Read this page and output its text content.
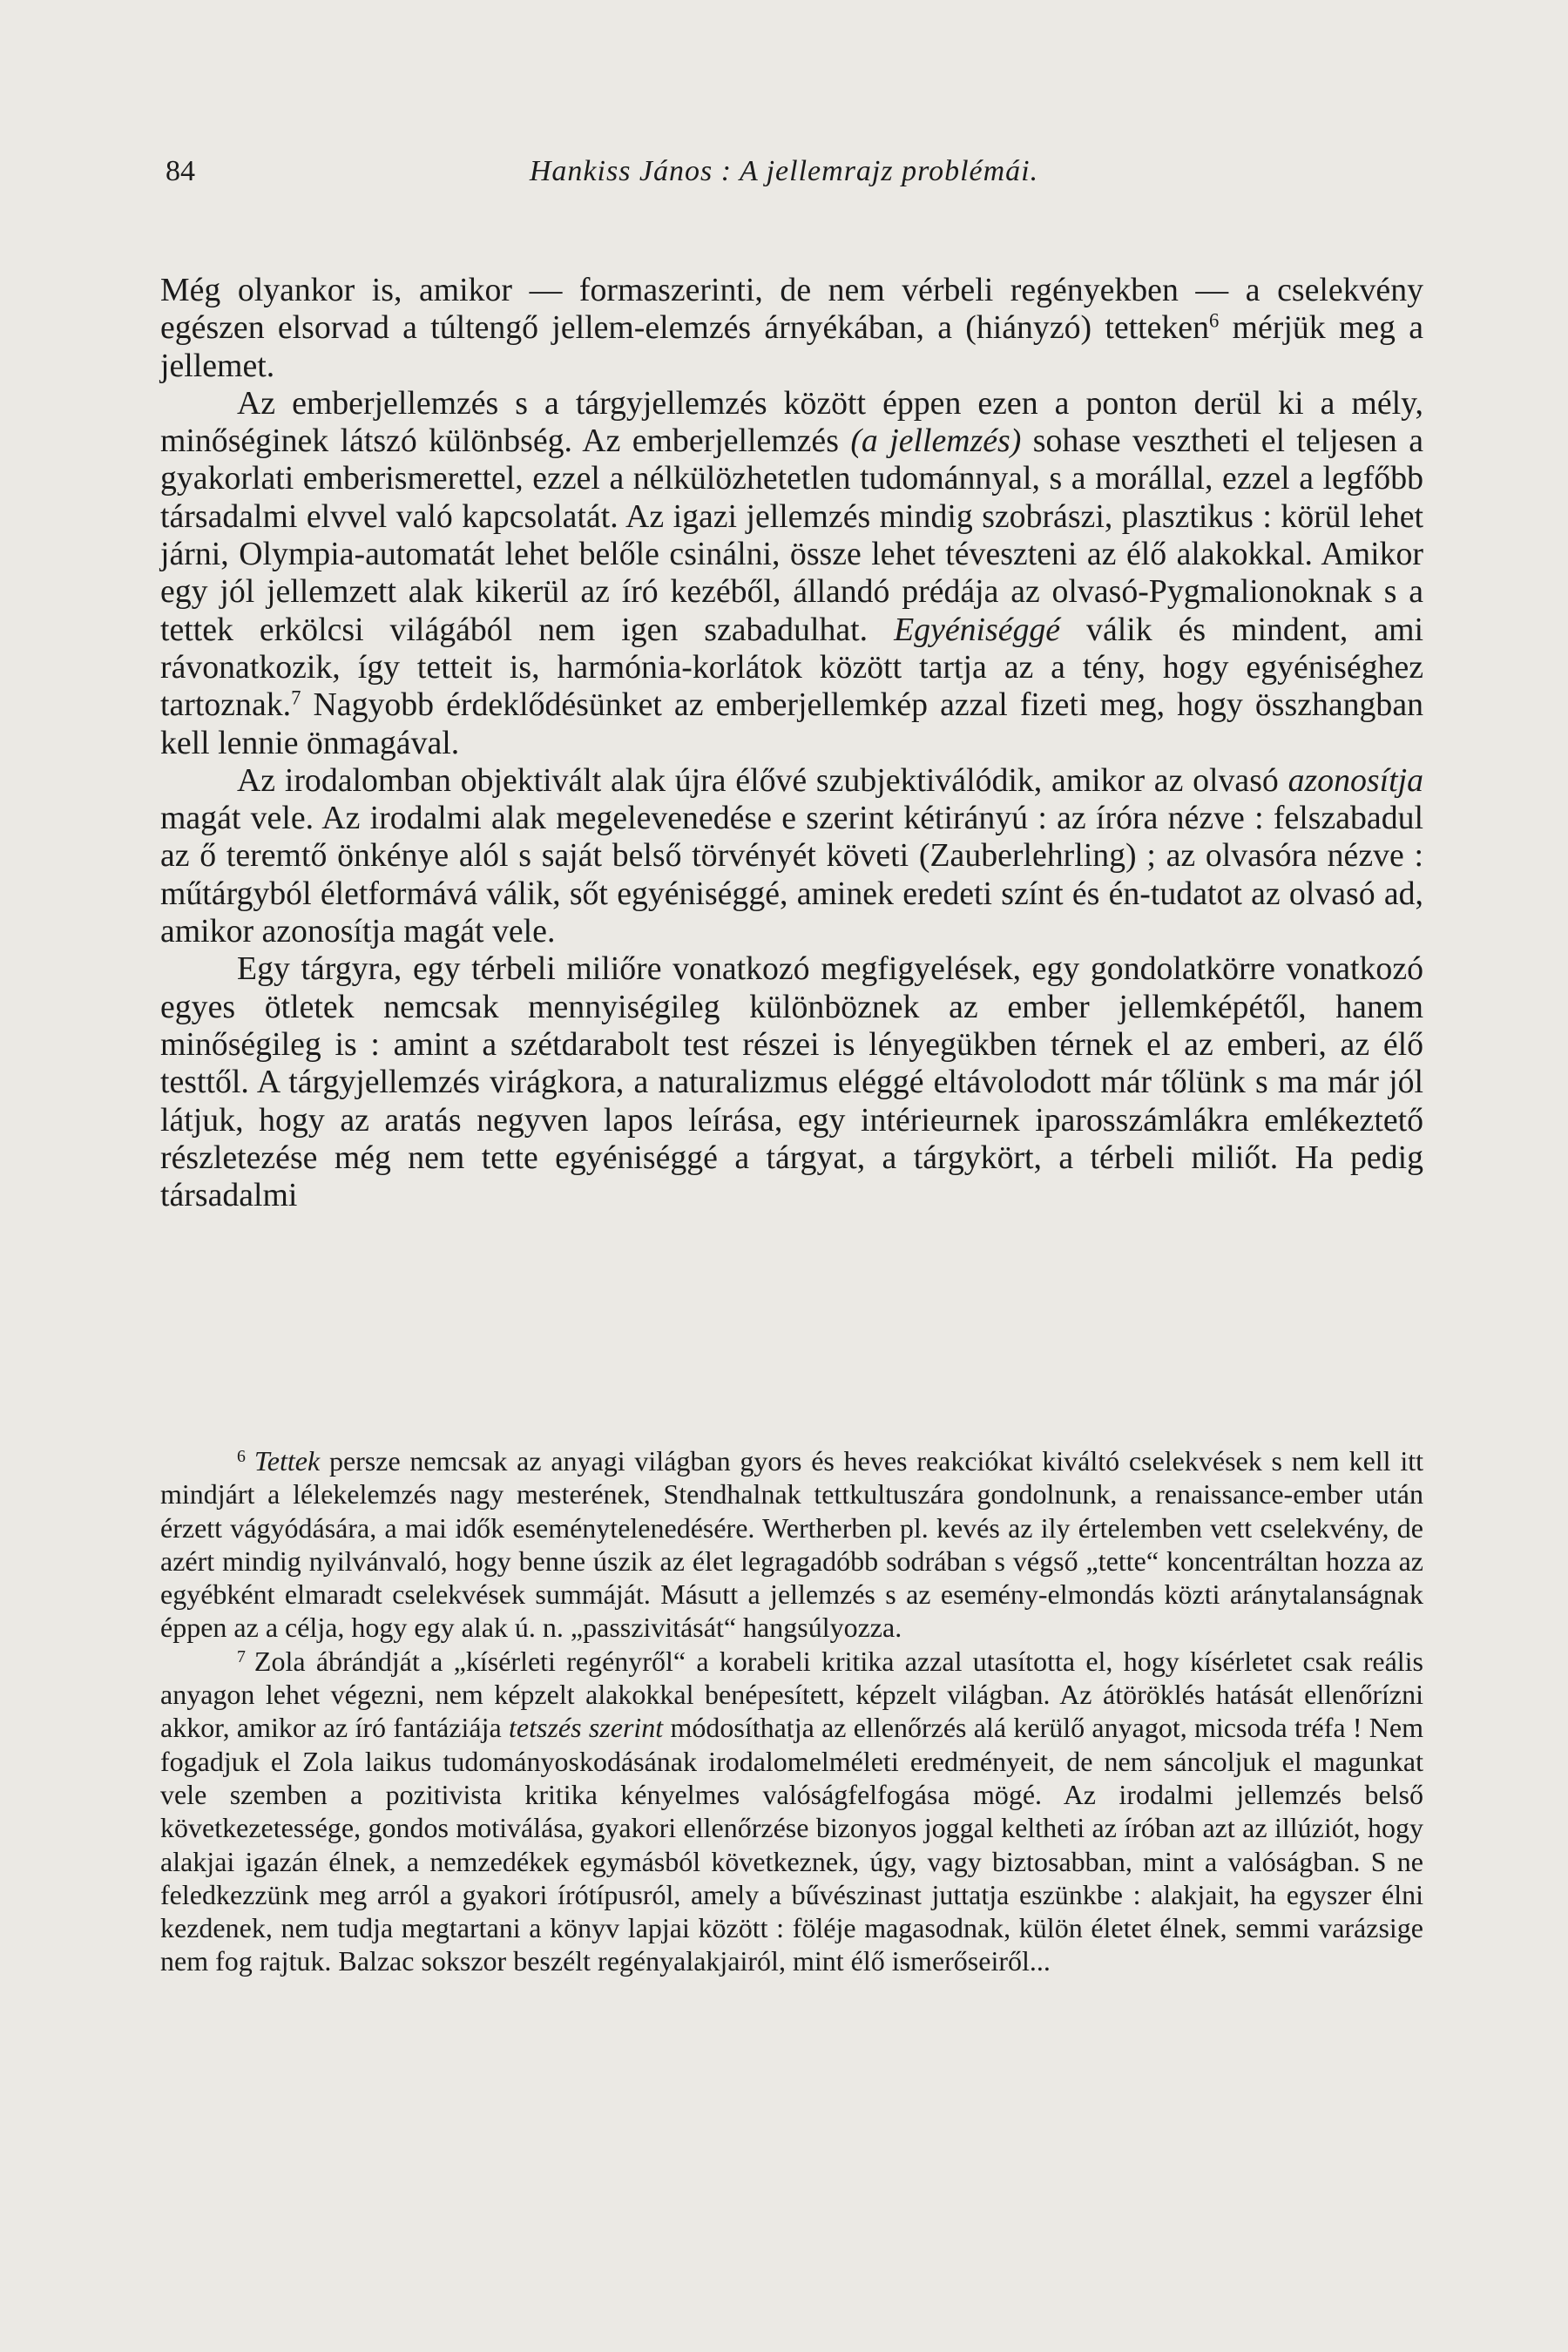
84	Hankiss János : A jellemrajz problémái.

Még olyankor is, amikor — formaszerinti, de nem vérbeli regényekben — a cselekvény egészen elsorvad a túltengő jellem-elemzés árnyékában, a (hiányzó) tetteken$^6$ mérjük meg a jellemet.

Az emberjellemzés s a tárgyjellemzés között éppen ezen a ponton derül ki a mély, minőséginek látszó különbség. Az emberjellemzés (a jellemzés) sohase vesztheti el teljesen a gyakorlati emberismerettel, ezzel a nélkülözhetetlen tudománnyal, s a morállal, ezzel a legfőbb társadalmi elvvel való kapcsolatát. Az igazi jellemzés mindig szobrászi, plasztikus : körül lehet járni, Olympia-automatát lehet belőle csinálni, össze lehet téveszteni az élő alakokkal. Amikor egy jól jellemzett alak kikerül az író kezéből, állandó prédája az olvasó-Pygmalionoknak s a tettek erkölcsi világából nem igen szabadulhat. Egyéniséggé válik és mindent, ami rávonatkozik, így tetteit is, harmónia-korlátok között tartja az a tény, hogy egyéniséghez tartoznak.$^7$ Nagyobb érdeklődésünket az emberjellemkép azzal fizeti meg, hogy összhangban kell lennie önmagával.

Az irodalomban objektivált alak újra élővé szubjektiválódik, amikor az olvasó azonosítja magát vele. Az irodalmi alak megelevenedése e szerint kétirányú : az íróra nézve : felszabadul az ő teremtő önkénye alól s saját belső törvényét követi (Zauberlehrling) ; az olvasóra nézve : műtárgyból életformává válik, sőt egyéniséggé, aminek eredeti színt és én-tudatot az olvasó ad, amikor azonosítja magát vele.

Egy tárgyra, egy térbeli miliőre vonatkozó megfigyelések, egy gondolatkörre vonatkozó egyes ötletek nemcsak mennyiségileg különböznek az ember jellemképétől, hanem minőségileg is : amint a szétdarabolt test részei is lényegükben térnek el az emberi, az élő testtől. A tárgyjellemzés virágkora, a naturalizmus eléggé eltávolodott már tőlünk s ma már jól látjuk, hogy az aratás negyven lapos leírása, egy intérieurnek iparosszámlákra emlékeztető részletezése még nem tette egyéniséggé a tárgyat, a tárgykört, a térbeli miliőt. Ha pedig társadalmi

$^6$ Tettek persze nemcsak az anyagi világban gyors és heves reakciókat kiváltó cselekvések s nem kell itt mindjárt a lélekelemzés nagy mesterének, Stendhalnak tettkultuszára gondolnunk, a renaissance-ember után érzett vágyódására, a mai idők eseménytelenedésére. Wertherben pl. kevés az ily értelemben vett cselekvény, de azért mindig nyilvánvaló, hogy benne úszik az élet legragadóbb sodrában s végső „tette“ koncentráltan hozza az egyébként elmaradt cselekvések summáját. Másutt a jellemzés s az esemény-elmondás közti aránytalanságnak éppen az a célja, hogy egy alak ú. n. „passzivitását“ hangsúlyozza.

$^7$ Zola ábrándját a „kísérleti regényről“ a korabeli kritika azzal utasította el, hogy kísérletet csak reális anyagon lehet végezni, nem képzelt alakokkal benépesített, képzelt világban. Az átöröklés hatását ellenőrízni akkor, amikor az író fantáziája tetszés szerint módosíthatja az ellenőrzés alá kerülő anyagot, micsoda tréfa ! Nem fogadjuk el Zola laikus tudományoskodásának irodalomelméleti eredményeit, de nem sáncoljuk el magunkat vele szemben a pozitivista kritika kényelmes valóságfelfogása mögé. Az irodalmi jellemzés belső következetessége, gondos motiválása, gyakori ellenőrzése bizonyos joggal keltheti az íróban azt az illúziót, hogy alakjai igazán élnek, a nemzedékek egymásból következnek, úgy, vagy biztosabban, mint a valóságban. S ne feledkezzünk meg arról a gyakori írótípusról, amely a bűvészinast juttatja eszünkbe : alakjait, ha egyszer élni kezdenek, nem tudja megtartani a könyv lapjai között : föléje magasodnak, külön életet élnek, semmi varázsige nem fog rajtuk. Balzac sokszor beszélt regényalakjairól, mint élő ismerőseiről...
